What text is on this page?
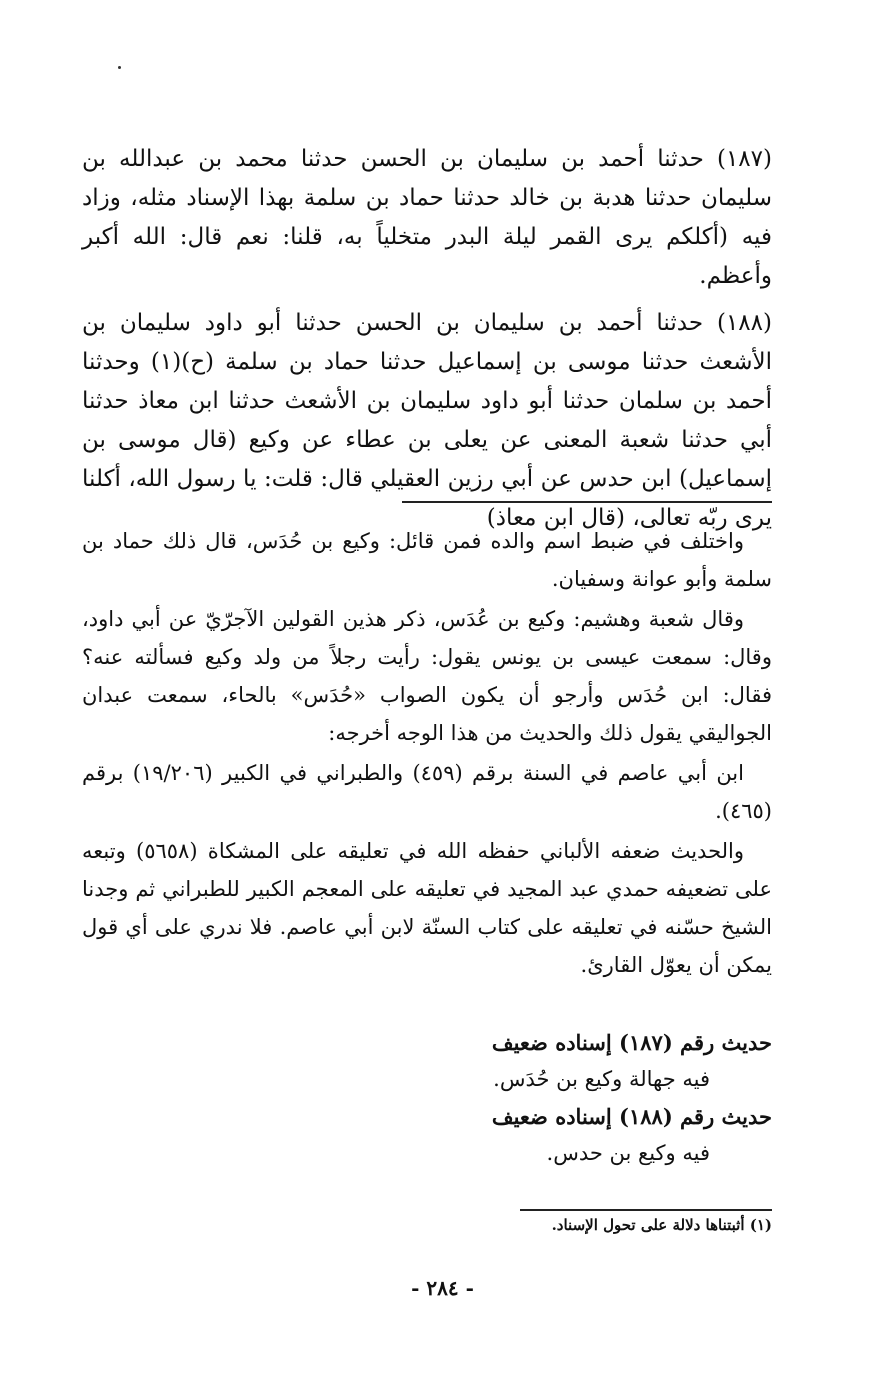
(١٨٧) حدثنا أحمد بن سليمان بن الحسن حدثنا محمد بن عبدالله بن سليمان حدثنا هدبة بن خالد حدثنا حماد بن سلمة بهذا الإسناد مثله، وزاد فيه (أكلكم يرى القمر ليلة البدر متخلياً به، قلنا: نعم قال: الله أكبر وأعظم.

(١٨٨) حدثنا أحمد بن سليمان بن الحسن حدثنا أبو داود سليمان بن الأشعث حدثنا موسى بن إسماعيل حدثنا حماد بن سلمة (ح)(١) وحدثنا أحمد بن سلمان حدثنا أبو داود سليمان بن الأشعث حدثنا ابن معاذ حدثنا أبي حدثنا شعبة المعنى عن يعلى بن عطاء عن وكيع (قال موسى بن إسماعيل) ابن حدس عن أبي رزين العقيلي قال: قلت: يا رسول الله، أكلنا يرى ربّه تعالى، (قال ابن معاذ)

واختلف في ضبط اسم والده فمن قائل: وكيع بن حُدَس، قال ذلك حماد بن سلمة وأبو عوانة وسفيان.

وقال شعبة وهشيم: وكيع بن عُدَس، ذكر هذين القولين الآجرّيّ عن أبي داود، وقال: سمعت عيسى بن يونس يقول: رأيت رجلاً من ولد وكيع فسألته عنه؟ فقال: ابن حُدَس وأرجو أن يكون الصواب «حُدَس» بالحاء، سمعت عبدان الجواليقي يقول ذلك والحديث من هذا الوجه أخرجه:

ابن أبي عاصم في السنة برقم (٤٥٩) والطبراني في الكبير (١٩/٢٠٦) برقم (٤٦٥).

والحديث ضعفه الألباني حفظه الله في تعليقه على المشكاة (٥٦٥٨) وتبعه على تضعيفه حمدي عبد المجيد في تعليقه على المعجم الكبير للطبراني ثم وجدنا الشيخ حسّنه في تعليقه على كتاب السنّة لابن أبي عاصم. فلا ندري على أي قول يمكن أن يعوّل القارئ.

حديث رقم (١٨٧) إسناده ضعيف

فيه جهالة وكيع بن حُدَس.

حديث رقم (١٨٨) إسناده ضعيف

فيه وكيع بن حدس.

(١) أثبتناها دلالة على تحول الإسناد.

- ٢٨٤ -
